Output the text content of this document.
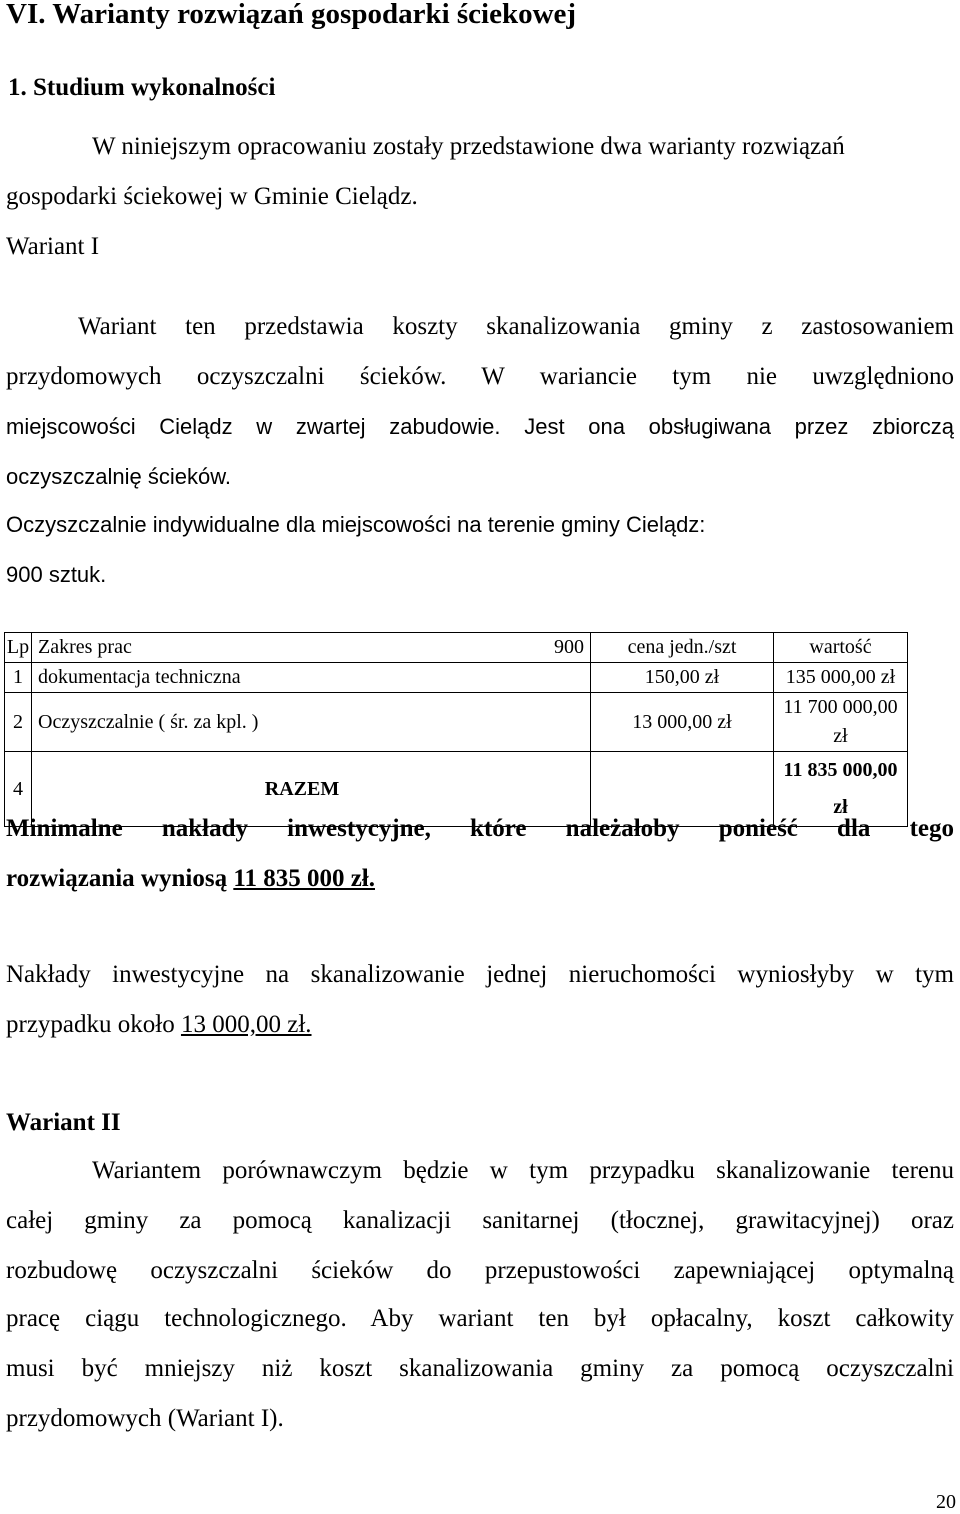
VI. Warianty rozwiązań gospodarki ściekowej
1. Studium wykonalności
W niniejszym opracowaniu zostały przedstawione dwa warianty rozwiązań
gospodarki ściekowej w Gminie Cielądz.
Wariant I
Wariant ten przedstawia koszty skanalizowania gminy z zastosowaniem
przydomowych oczyszczalni ścieków. W wariancie tym nie uwzględniono
miejscowości Cielądz w zwartej zabudowie. Jest ona obsługiwana przez zbiorczą
oczyszczalnię ścieków.
Oczyszczalnie indywidualne dla miejscowości na terenie gminy Cielądz:
900 sztuk.
Lp	Zakres prac	900	cena jedn./szt	wartość
1	dokumentacja techniczna		150,00 zł	135 000,00 zł
2	Oczyszczalnie ( śr. za kpl. )		13 000,00 zł	11 700 000,00 zł
4	RAZEM			11 835 000,00 zł
Minimalne nakłady inwestycyjne, które należałoby ponieść dla tego
rozwiązania wyniosą 11 835 000 zł.
Nakłady inwestycyjne na skanalizowanie jednej nieruchomości wyniosłyby w tym
przypadku około 13 000,00 zł.
Wariant II
Wariantem porównawczym będzie w tym przypadku skanalizowanie terenu
całej gminy za pomocą kanalizacji sanitarnej (tłocznej, grawitacyjnej) oraz
rozbudowę oczyszczalni ścieków do przepustowości zapewniającej optymalną
pracę ciągu technologicznego. Aby wariant ten był opłacalny, koszt całkowity
musi być mniejszy niż koszt skanalizowania gminy za pomocą oczyszczalni
przydomowych (Wariant I).
20
